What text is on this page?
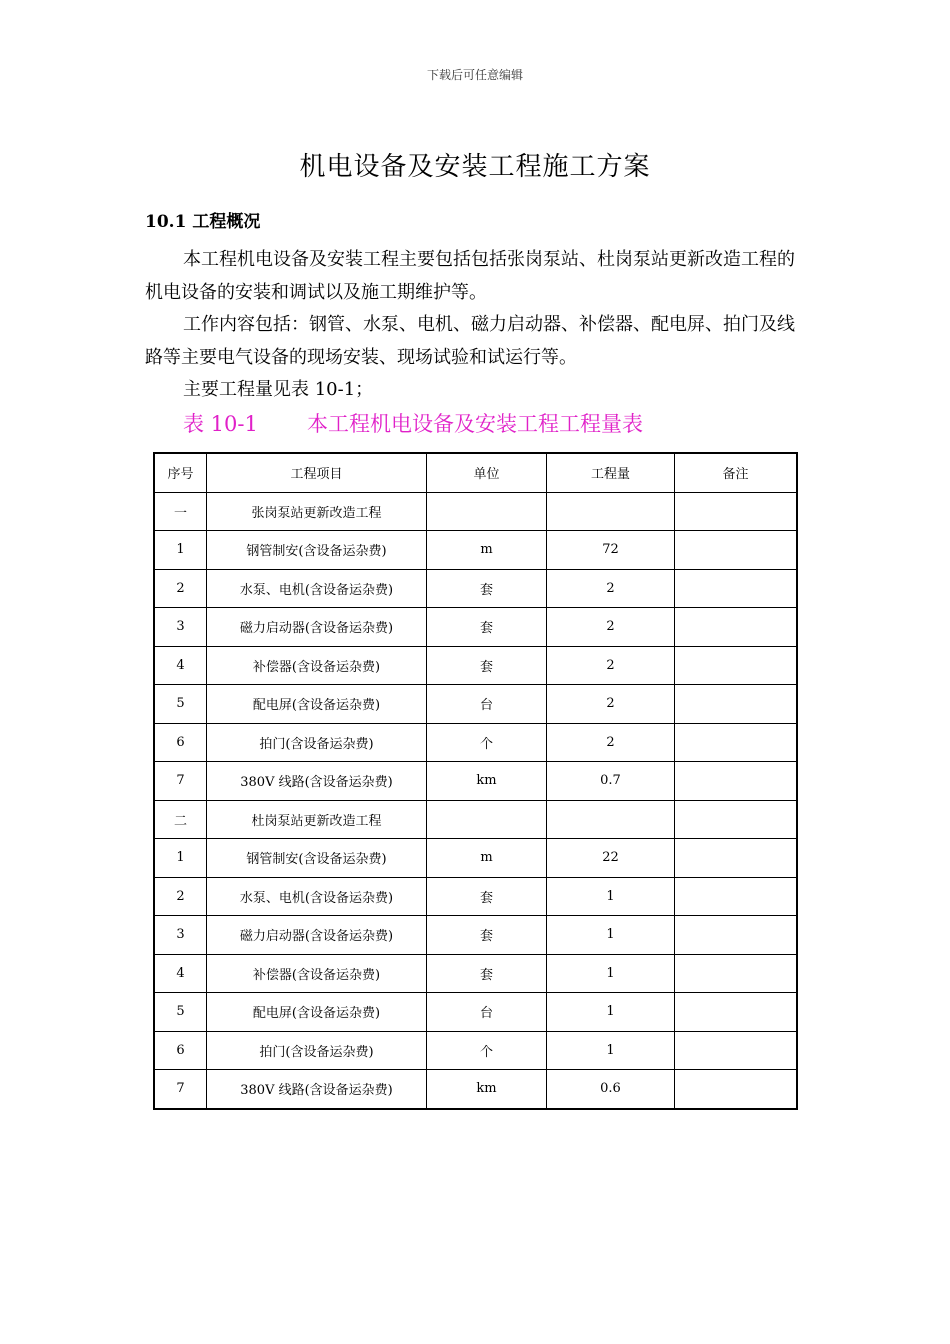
下载后可任意编辑
机电设备及安装工程施工方案
10.1 工程概况

本工程机电设备及安装工程主要包括包括张岗泵站、杜岗泵站更新改造工程的机电设备的安装和调试以及施工期维护等。

工作内容包括：钢管、水泵、电机、磁力启动器、补偿器、配电屏、拍门及线路等主要电气设备的现场安装、现场试验和试运行等。

主要工程量见表 10-1；

表 10-1 本工程机电设备及安装工程工程量表
序号	工程项目	单位	工程量	备注
一	张岗泵站更新改造工程			
1	钢管制安(含设备运杂费)	m	72	
2	水泵、电机(含设备运杂费)	套	2	
3	磁力启动器(含设备运杂费)	套	2	
4	补偿器(含设备运杂费)	套	2	
5	配电屏(含设备运杂费)	台	2	
6	拍门(含设备运杂费)	个	2	
7	380V 线路(含设备运杂费)	km	0.7	
二	杜岗泵站更新改造工程			
1	钢管制安(含设备运杂费)	m	22	
2	水泵、电机(含设备运杂费)	套	1	
3	磁力启动器(含设备运杂费)	套	1	
4	补偿器(含设备运杂费)	套	1	
5	配电屏(含设备运杂费)	台	1	
6	拍门(含设备运杂费)	个	1	
7	380V 线路(含设备运杂费)	km	0.6	
